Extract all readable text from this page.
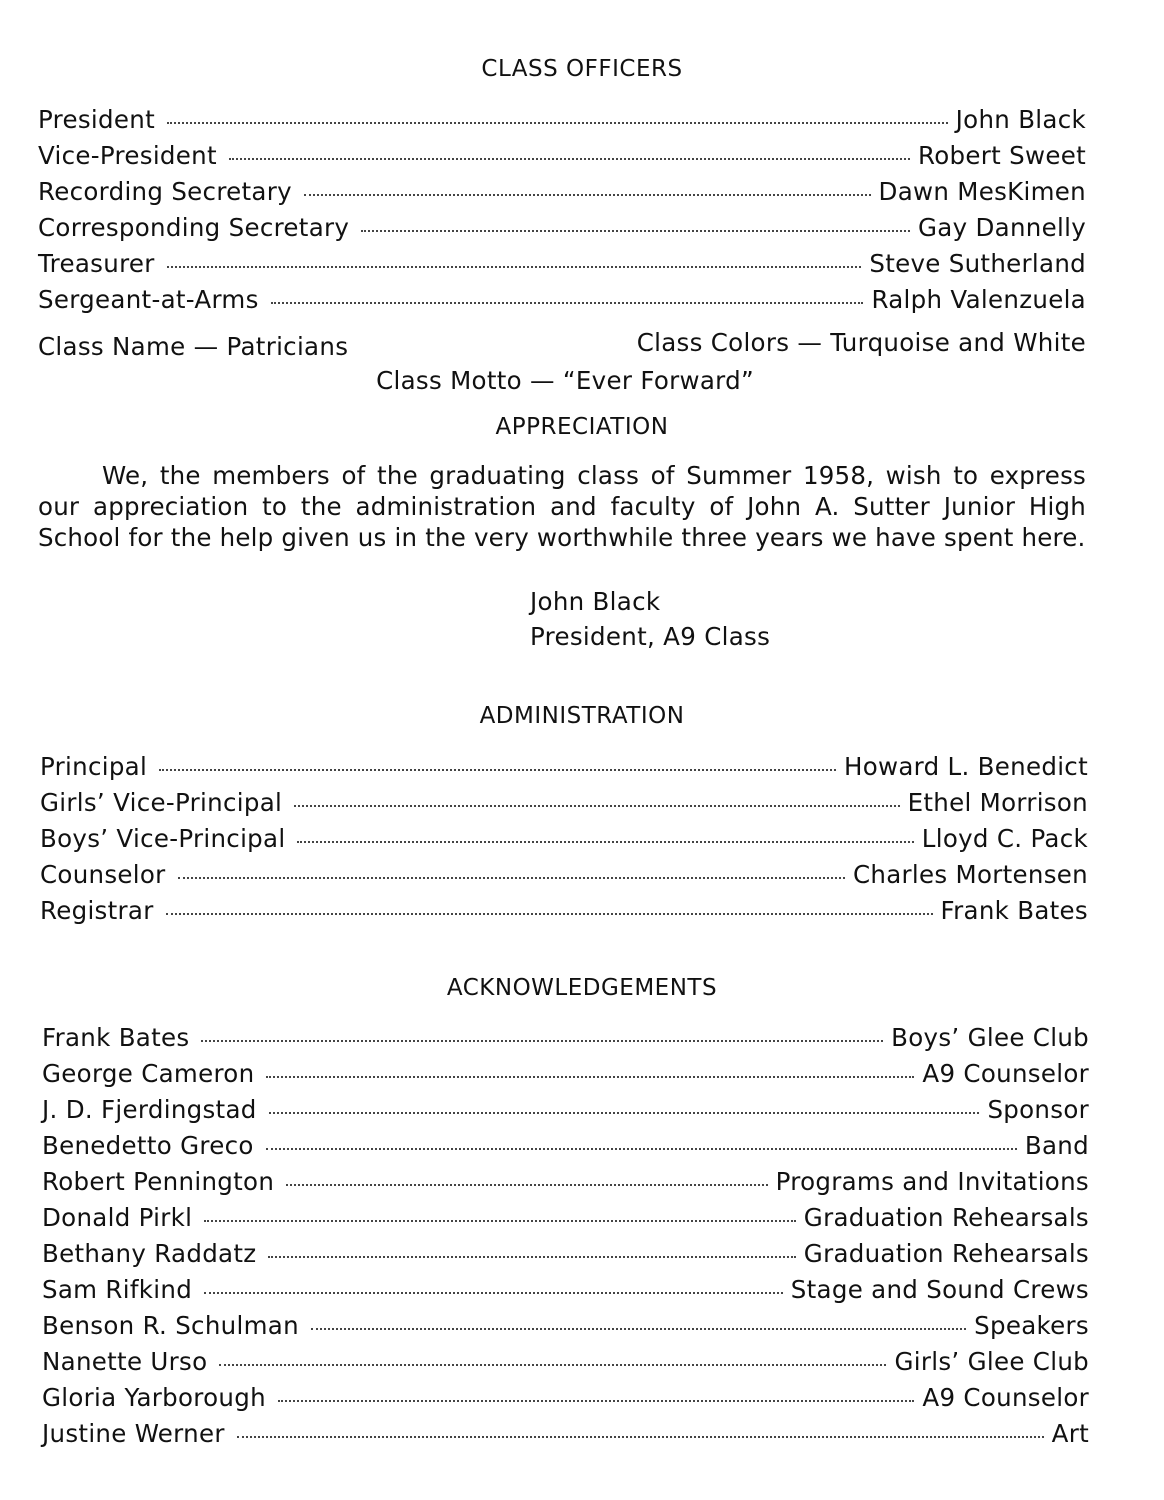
CLASS OFFICERS
President	John Black
Vice-President	Robert Sweet
Recording Secretary	Dawn MesKimen
Corresponding Secretary	Gay Dannelly
Treasurer	Steve Sutherland
Sergeant-at-Arms	Ralph Valenzuela
Class Name — Patricians	Class Colors — Turquoise and White
Class Motto — “Ever Forward”
APPRECIATION
We, the members of the graduating class of Summer 1958, wish to express our appreciation to the administration and faculty of John A. Sutter Junior High School for the help given us in the very worthwhile three years we have spent here.
John Black
President, A9 Class
ADMINISTRATION
Principal	Howard L. Benedict
Girls’ Vice-Principal	Ethel Morrison
Boys’ Vice-Principal	Lloyd C. Pack
Counselor	Charles Mortensen
Registrar	Frank Bates
ACKNOWLEDGEMENTS
Frank Bates	Boys’ Glee Club
George Cameron	A9 Counselor
J. D. Fjerdingstad	Sponsor
Benedetto Greco	Band
Robert Pennington	Programs and Invitations
Donald Pirkl	Graduation Rehearsals
Bethany Raddatz	Graduation Rehearsals
Sam Rifkind	Stage and Sound Crews
Benson R. Schulman	Speakers
Nanette Urso	Girls’ Glee Club
Gloria Yarborough	A9 Counselor
Justine Werner	Art
